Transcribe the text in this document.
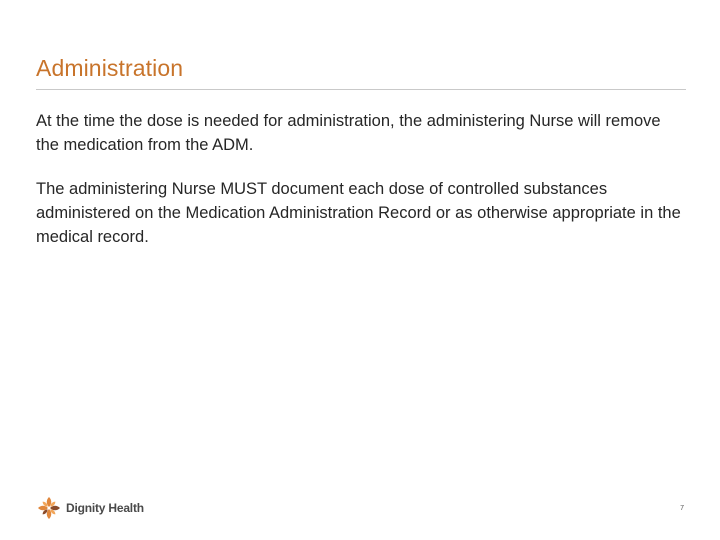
Administration

At the time the dose is needed for administration, the administering Nurse will remove the medication from the ADM.

The administering Nurse MUST document each dose of controlled substances administered on the Medication Administration Record or as otherwise appropriate in the medical record.

Dignity Health	7
